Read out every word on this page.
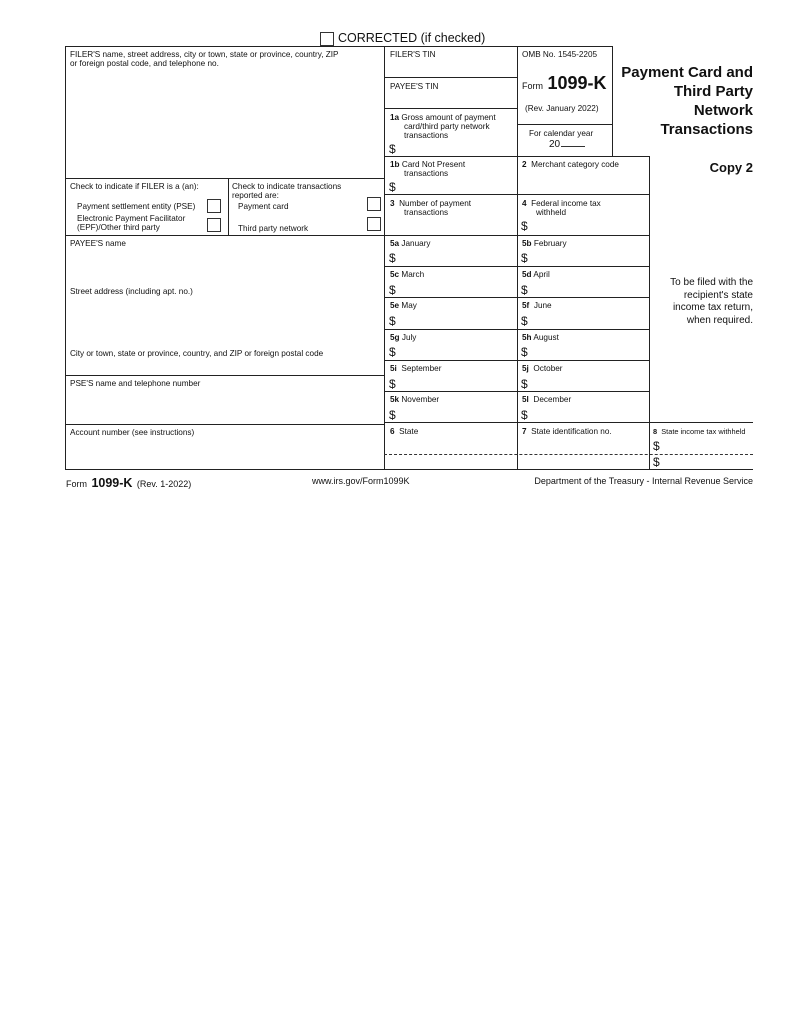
CORRECTED (if checked)
FILER'S name, street address, city or town, state or province, country, ZIP
or foreign postal code, and telephone no.
Check to indicate if FILER is a (an):
Payment settlement entity (PSE)
Electronic Payment Facilitator
(EPF)/Other third party
Check to indicate transactions
reported are:
Payment card
Third party network
PAYEE'S name
Street address (including apt. no.)
City or town, state or province, country, and ZIP or foreign postal code
PSE'S name and telephone number
Account number (see instructions)
FILER'S TIN
PAYEE'S TIN
1a Gross amount of payment
card/third party network
transactions
$
1b Card Not Present
transactions
$
2 Merchant category code
3 Number of payment
transactions
4 Federal income tax
withheld
$
5a January
$
5b February
$
5c March
$
5d April
$
5e May
$
5f June
$
5g July
$
5h August
$
5i September
$
5j October
$
5k November
$
5l December
$
6 State	7 State identification no.	8 State income tax withheld
$
$
OMB No. 1545-2205
Form 1099-K
(Rev. January 2022)
For calendar year
20
Payment Card and
Third Party
Network
Transactions
Copy 2
To be filed with the
recipient's state
income tax return,
when required.
Form 1099-K (Rev. 1-2022)	www.irs.gov/Form1099K	Department of the Treasury - Internal Revenue Service
